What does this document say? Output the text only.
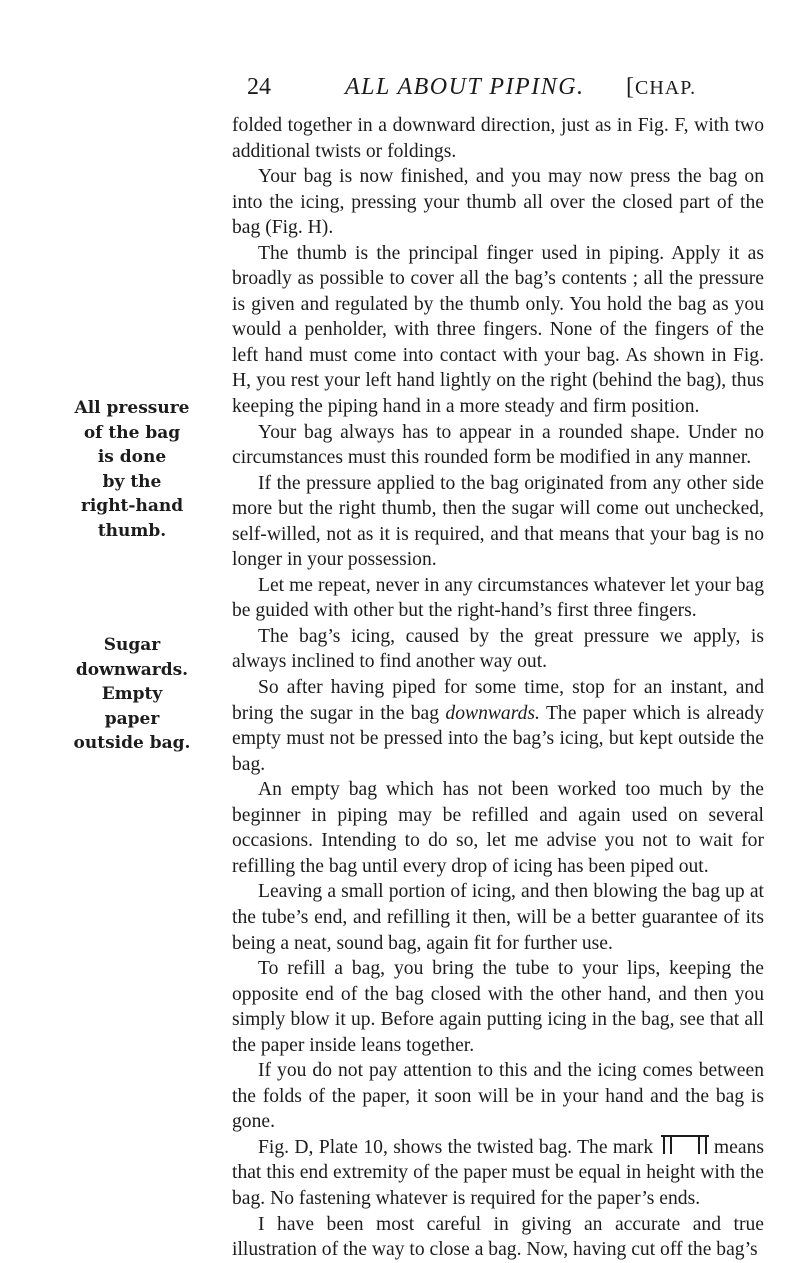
24	ALL ABOUT PIPING. [CHAP.
All pressure
of the bag
is done
by the
right-hand
thumb.
Sugar
downwards.
Empty
paper
outside bag.

folded together in a downward direction, just as in Fig. F, with two additional twists or foldings.

Your bag is now finished, and you may now press the bag on into the icing, pressing your thumb all over the closed part of the bag (Fig. H).

The thumb is the principal finger used in piping. Apply it as broadly as possible to cover all the bag’s contents ; all the pressure is given and regulated by the thumb only. You hold the bag as you would a penholder, with three fingers. None of the fingers of the left hand must come into contact with your bag. As shown in Fig. H, you rest your left hand lightly on the right (behind the bag), thus keeping the piping hand in a more steady and firm position.

Your bag always has to appear in a rounded shape. Under no circumstances must this rounded form be modified in any manner.

If the pressure applied to the bag originated from any other side more but the right thumb, then the sugar will come out unchecked, self-willed, not as it is required, and that means that your bag is no longer in your possession.

Let me repeat, never in any circumstances whatever let your bag be guided with other but the right-hand’s first three fingers.

The bag’s icing, caused by the great pressure we apply, is always inclined to find another way out.

So after having piped for some time, stop for an instant, and bring the sugar in the bag downwards. The paper which is already empty must not be pressed into the bag’s icing, but kept outside the bag.

An empty bag which has not been worked too much by the beginner in piping may be refilled and again used on several occasions. Intending to do so, let me advise you not to wait for refilling the bag until every drop of icing has been piped out.

Leaving a small portion of icing, and then blowing the bag up at the tube’s end, and refilling it then, will be a better guarantee of its being a neat, sound bag, again fit for further use.

To refill a bag, you bring the tube to your lips, keeping the opposite end of the bag closed with the other hand, and then you simply blow it up. Before again putting icing in the bag, see that all the paper inside leans together.

If you do not pay attention to this and the icing comes between the folds of the paper, it soon will be in your hand and the bag is gone.

Fig. D, Plate 10, shows the twisted bag. The mark	means that this end extremity of the paper must be equal in height with the bag. No fastening whatever is required for the paper’s ends.

I have been most careful in giving an accurate and true illustration of the way to close a bag. Now, having cut off the bag’s
